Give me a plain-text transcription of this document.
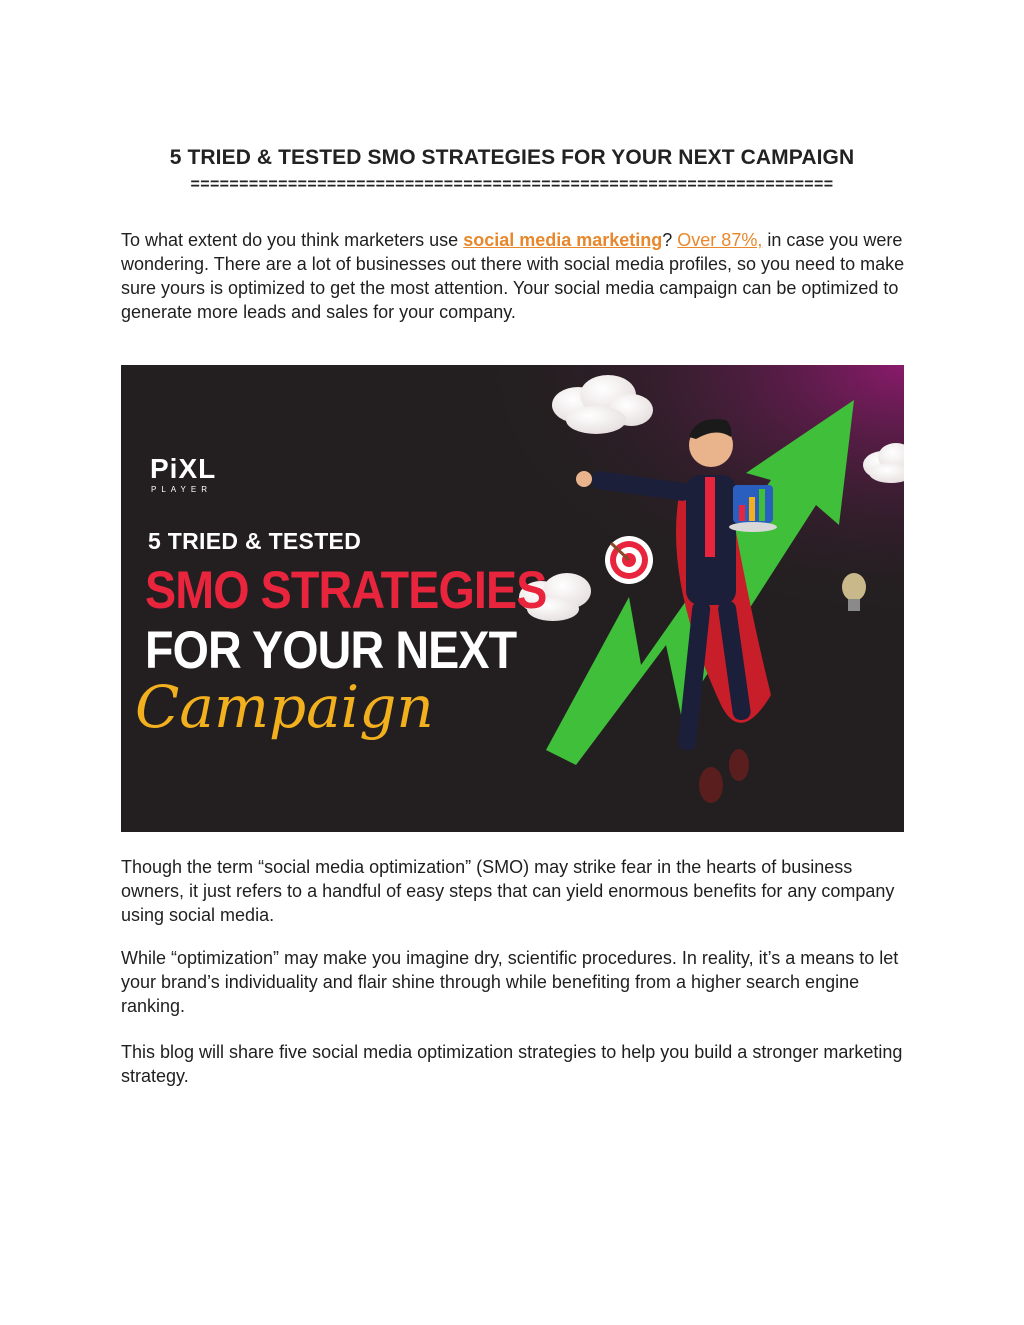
5 TRIED & TESTED SMO STRATEGIES FOR YOUR NEXT CAMPAIGN
==================================================================
To what extent do you think marketers use social media marketing? Over 87%, in case you were wondering. There are a lot of businesses out there with social media profiles, so you need to make sure yours is optimized to get the most attention. Your social media campaign can be optimized to generate more leads and sales for your company.
PiXL
PLAYER
5 TRIED & TESTED
SMO STRATEGIES
FOR YOUR NEXT
Campaign
Though the term “social media optimization” (SMO) may strike fear in the hearts of business owners, it just refers to a handful of easy steps that can yield enormous benefits for any company using social media.
While “optimization” may make you imagine dry, scientific procedures. In reality, it’s a means to let your brand’s individuality and flair shine through while benefiting from a higher search engine ranking.
This blog will share five social media optimization strategies to help you build a stronger marketing strategy.
